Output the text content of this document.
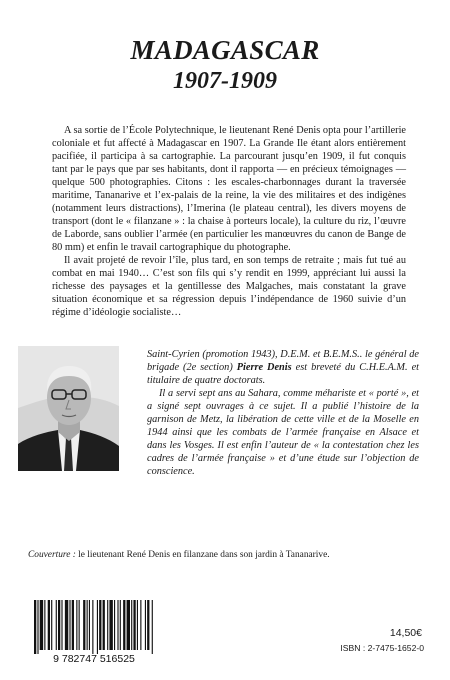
MADAGASCAR
1907-1909

A sa sortie de l’École Polytechnique, le lieutenant René Denis opta pour l’artillerie coloniale et fut affecté à Madagascar en 1907. La Grande Ile étant alors entièrement pacifiée, il participa à sa cartographie. La parcourant jusqu’en 1909, il fut conquis tant par le pays que par ses habitants, dont il rapporta — en précieux témoignages — quelque 500 photographies. Citons : les escales-charbonnages durant la traversée maritime, Tananarive et l’ex-palais de la reine, la vie des militaires et des indigènes (notamment leurs distractions), l’Imerina (le plateau central), les divers moyens de transport (dont le « filanzane » : la chaise à porteurs locale), la culture du riz, l’œuvre de Laborde, sans oublier l’armée (en particulier les manœuvres du canon de Bange de 80 mm) et enfin le travail cartographique du photographe.

Il avait projeté de revoir l’île, plus tard, en son temps de retraite ; mais fut tué au combat en mai 1940… C’est son fils qui s’y rendit en 1999, appréciant lui aussi la richesse des paysages et la gentillesse des Malgaches, mais constatant la grave situation économique et sa régression depuis l’indépendance de 1960 suivie d’un régime d’idéologie socialiste…

Saint-Cyrien (promotion 1943), D.E.M. et B.E.M.S.. le général de brigade (2e section) Pierre Denis est breveté du C.H.E.A.M. et titulaire de quatre doctorats.

Il a servi sept ans au Sahara, comme méhariste et « porté », et a signé sept ouvrages à ce sujet. Il a publié l’histoire de la garnison de Metz, la libération de cette ville et de la Moselle en 1944 ainsi que les combats de l’armée française en Alsace et dans les Vosges. Il est enfin l’auteur de « la contestation chez les cadres de l’armée française » et d’une étude sur l’objection de conscience.

Couverture : le lieutenant René Denis en filanzane dans son jardin à Tananarive.

9 782747 516525
14,50€
ISBN : 2-7475-1652-0
